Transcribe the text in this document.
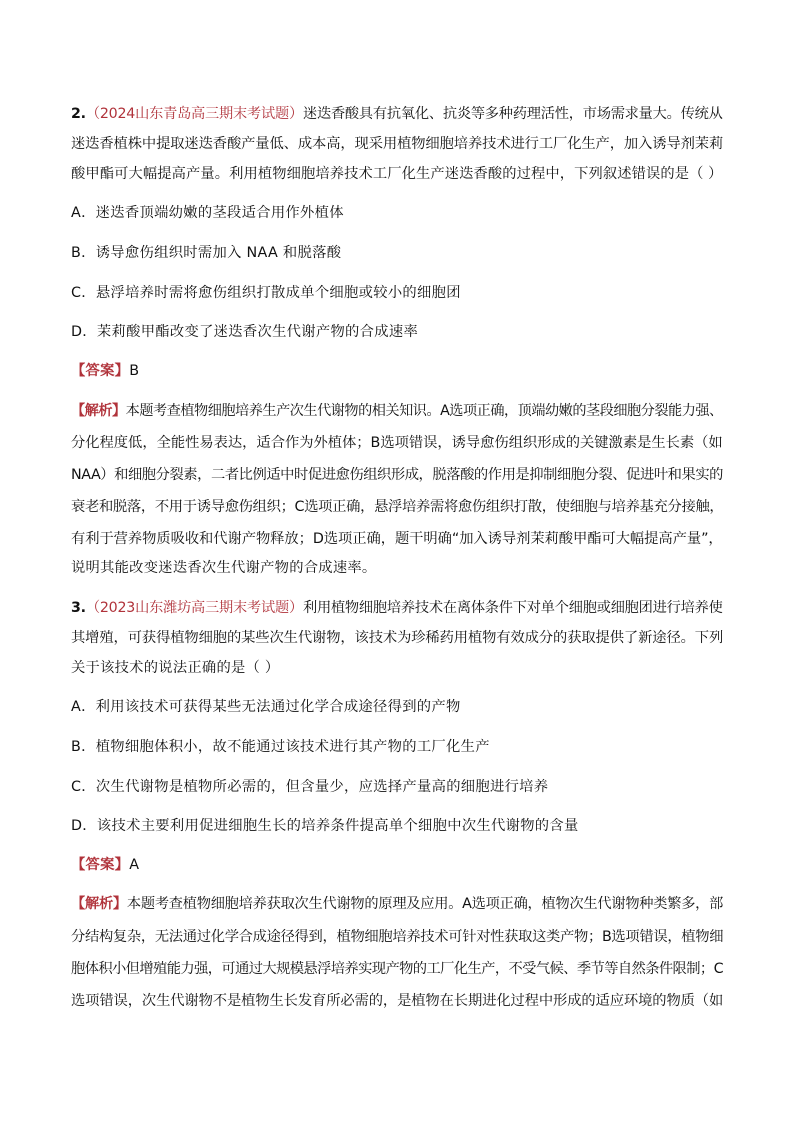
2.（2024山东青岛高三期末考试题）迷迭香酸具有抗氧化、抗炎等多种药理活性，市场需求量大。传统从
迷迭香植株中提取迷迭香酸产量低、成本高，现采用植物细胞培养技术进行工厂化生产，加入诱导剂茉莉
酸甲酯可大幅提高产量。利用植物细胞培养技术工厂化生产迷迭香酸的过程中，下列叙述错误的是（ ）
A．迷迭香顶端幼嫩的茎段适合用作外植体
B．诱导愈伤组织时需加入 NAA 和脱落酸
C．悬浮培养时需将愈伤组织打散成单个细胞或较小的细胞团
D．茉莉酸甲酯改变了迷迭香次生代谢产物的合成速率
【答案】B
【解析】本题考查植物细胞培养生产次生代谢物的相关知识。A选项正确，顶端幼嫩的茎段细胞分裂能力强、
分化程度低，全能性易表达，适合作为外植体；B选项错误，诱导愈伤组织形成的关键激素是生长素（如
NAA）和细胞分裂素，二者比例适中时促进愈伤组织形成，脱落酸的作用是抑制细胞分裂、促进叶和果实的
衰老和脱落，不用于诱导愈伤组织；C选项正确，悬浮培养需将愈伤组织打散，使细胞与培养基充分接触，
有利于营养物质吸收和代谢产物释放；D选项正确，题干明确“加入诱导剂茉莉酸甲酯可大幅提高产量”，
说明其能改变迷迭香次生代谢产物的合成速率。
3.（2023山东潍坊高三期末考试题）利用植物细胞培养技术在离体条件下对单个细胞或细胞团进行培养使
其增殖，可获得植物细胞的某些次生代谢物，该技术为珍稀药用植物有效成分的获取提供了新途径。下列
关于该技术的说法正确的是（ ）
A．利用该技术可获得某些无法通过化学合成途径得到的产物
B．植物细胞体积小，故不能通过该技术进行其产物的工厂化生产
C．次生代谢物是植物所必需的，但含量少，应选择产量高的细胞进行培养
D．该技术主要利用促进细胞生长的培养条件提高单个细胞中次生代谢物的含量
【答案】A
【解析】本题考查植物细胞培养获取次生代谢物的原理及应用。A选项正确，植物次生代谢物种类繁多，部
分结构复杂，无法通过化学合成途径得到，植物细胞培养技术可针对性获取这类产物；B选项错误，植物细
胞体积小但增殖能力强，可通过大规模悬浮培养实现产物的工厂化生产，不受气候、季节等自然条件限制；C
选项错误，次生代谢物不是植物生长发育所必需的，是植物在长期进化过程中形成的适应环境的物质（如
